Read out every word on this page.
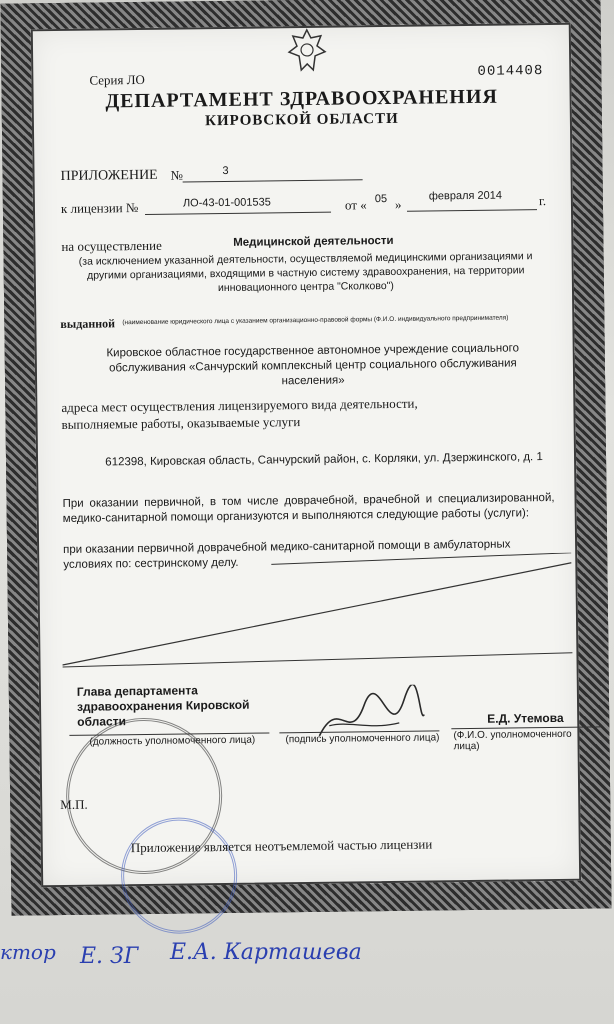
Серия ЛО	0014408
ДЕПАРТАМЕНТ ЗДРАВООХРАНЕНИЯ
КИРОВСКОЙ ОБЛАСТИ
ПРИЛОЖЕНИЕ №	3
к лицензии №	ЛО-43-01-001535	от « 05 »
февраля 2014	г.
на осуществление	Медицинской деятельности
(за исключением указанной деятельности, осуществляемой медицинскими организациями и другими организациями, входящими в частную систему здравоохранения, на территории инновационного центра "Сколково")
выданной (наименование юридического лица с указанием организационно-правовой формы (Ф.И.О. индивидуального предпринимателя)
Кировское областное государственное автономное учреждение социального обслуживания «Санчурский комплексный центр социального обслуживания населения»
адреса мест осуществления лицензируемого вида деятельности, выполняемые работы, оказываемые услуги
612398, Кировская область, Санчурский район, с. Корляки, ул. Дзержинского, д. 1
При оказании первичной, в том числе доврачебной, врачебной и специализированной, медико-санитарной помощи организуются и выполняются следующие работы (услуги):
при оказании первичной доврачебной медико-санитарной помощи в амбулаторных условиях по: сестринскому делу.
Глава департамента здравоохранения Кировской области
(должность уполномоченного лица)	(подпись уполномоченного лица)
Е.Д. Утемова
(Ф.И.О. уполномоченного лица)
М.П.
Приложение является неотъемлемой частью лицензии
ктор Е. ЗГ Е.А. Карташева
